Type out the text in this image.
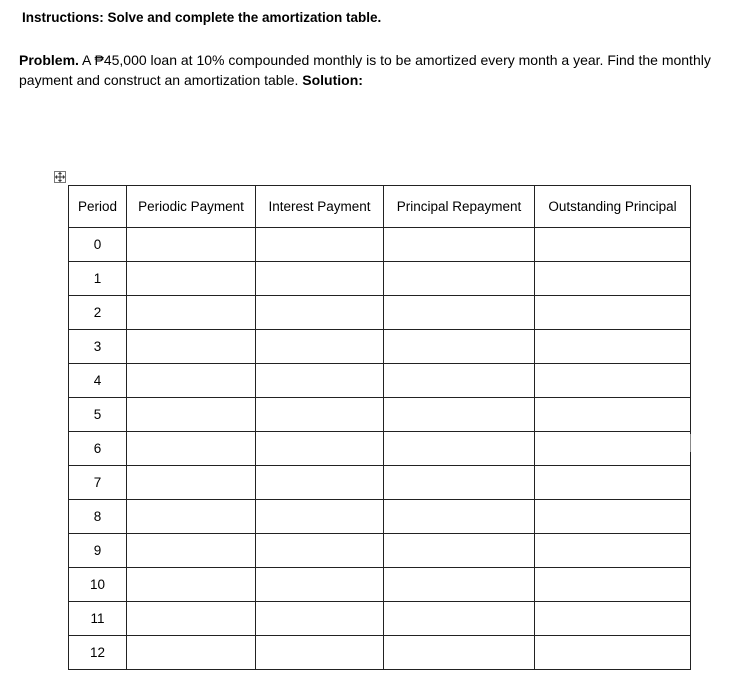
Instructions: Solve and complete the amortization table.
Problem. A ₱45,000 loan at 10% compounded monthly is to be amortized every month a year. Find the monthly payment and construct an amortization table. Solution:
Period	Periodic Payment	Interest Payment	Principal Repayment	Outstanding Principal
0				
1				
2				
3				
4				
5				
6				
7				
8				
9				
10				
11				
12				
